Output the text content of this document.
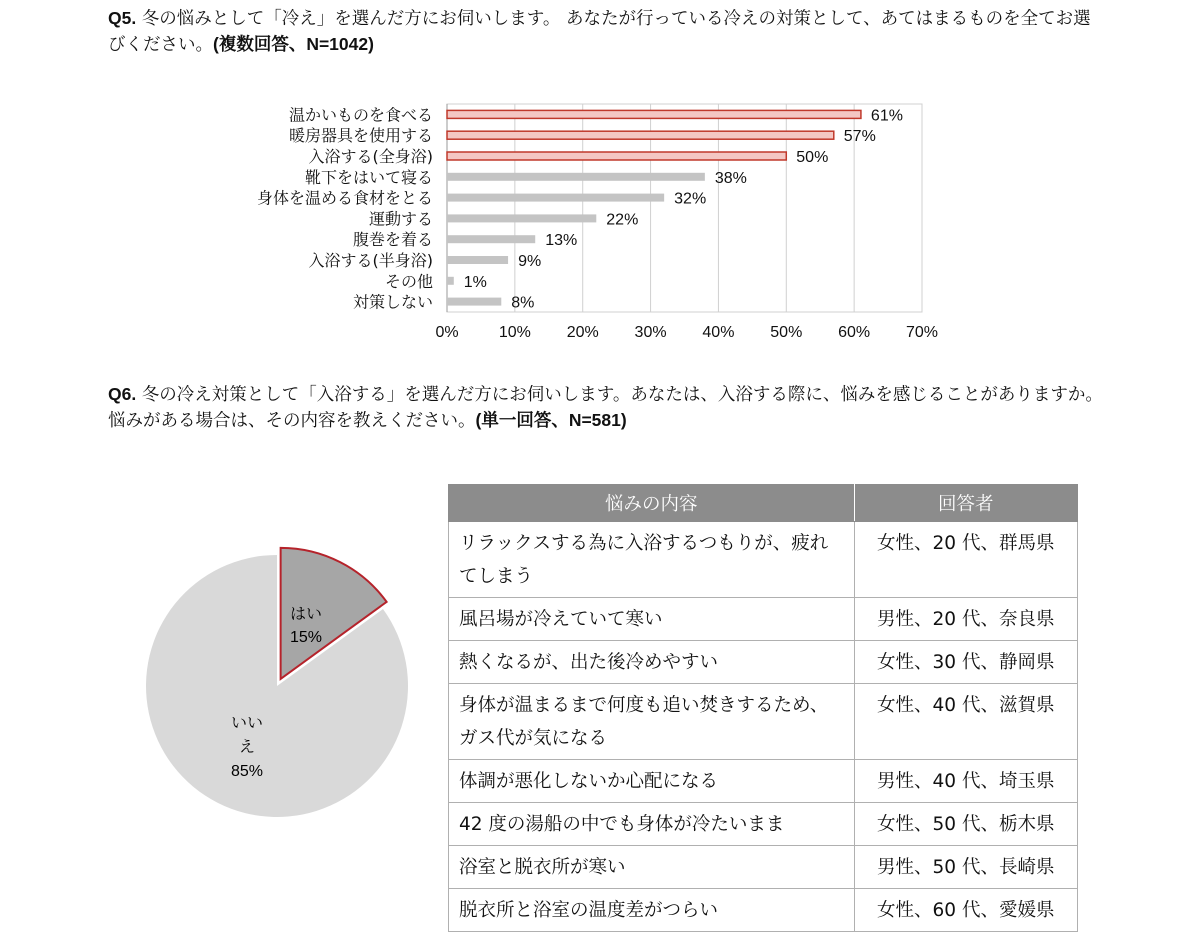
Q5. 冬の悩みとして「冷え」を選んだ方にお伺いします。 あなたが行っている冷えの対策として、あてはまるものを全てお選びください。(複数回答、N=1042)

温かいものを食べる
暖房器具を使用する
入浴する(全身浴)
靴下をはいて寝る
身体を温める食材をとる
運動する
腹巻を着る
入浴する(半身浴)
その他
対策しない
61%
57%
50%
38%
32%
22%
13%
9%
1%
8%
0%	10% 20% 30% 40% 50% 60% 70%

Q6. 冬の冷え対策として「入浴する」を選んだ方にお伺いします。あなたは、入浴する際に、悩みを感じることがありますか。悩みがある場合は、その内容を教えください。(単一回答、N=581)

はい
15%
いい
え
85%
悩みの内容	回答者
リラックスする為に入浴するつもりが、疲れてしまう	女性、20 代、群馬県
風呂場が冷えていて寒い	男性、20 代、奈良県
熱くなるが、出た後冷めやすい	女性、30 代、静岡県
身体が温まるまで何度も追い焚きするため、ガス代が気になる	女性、40 代、滋賀県
体調が悪化しないか心配になる	男性、40 代、埼玉県
42 度の湯船の中でも身体が冷たいまま	女性、50 代、栃木県
浴室と脱衣所が寒い	男性、50 代、長崎県
脱衣所と浴室の温度差がつらい	女性、60 代、愛媛県
